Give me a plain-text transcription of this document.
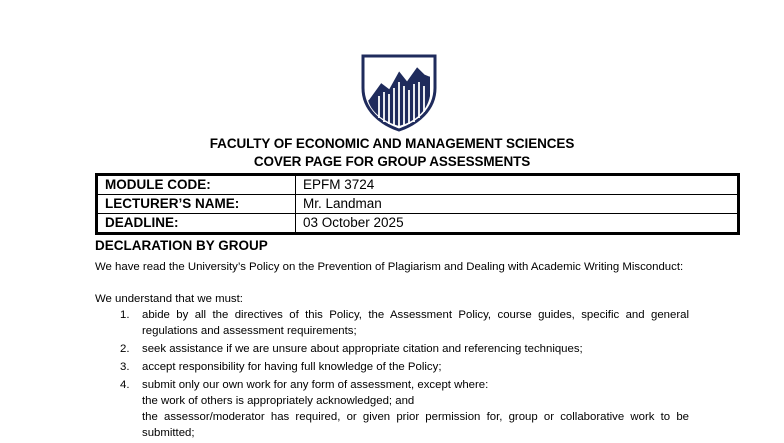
FACULTY OF ECONOMIC AND MANAGEMENT SCIENCES
COVER PAGE FOR GROUP ASSESSMENTS
MODULE CODE:	EPFM 3724
LECTURER’S NAME:	Mr. Landman
DEADLINE:	03 October 2025
DECLARATION BY GROUP
We have read the University’s Policy on the Prevention of Plagiarism and Dealing with Academic Writing Misconduct:
We understand that we must:
1. abide by all the directives of this Policy, the Assessment Policy, course guides, specific and general regulations and assessment requirements;
2. seek assistance if we are unsure about appropriate citation and referencing techniques;
3. accept responsibility for having full knowledge of the Policy;
4. submit only our own work for any form of assessment, except where:
the work of others is appropriately acknowledged; and
the assessor/moderator has required, or given prior permission for, group or collaborative work to be submitted;
